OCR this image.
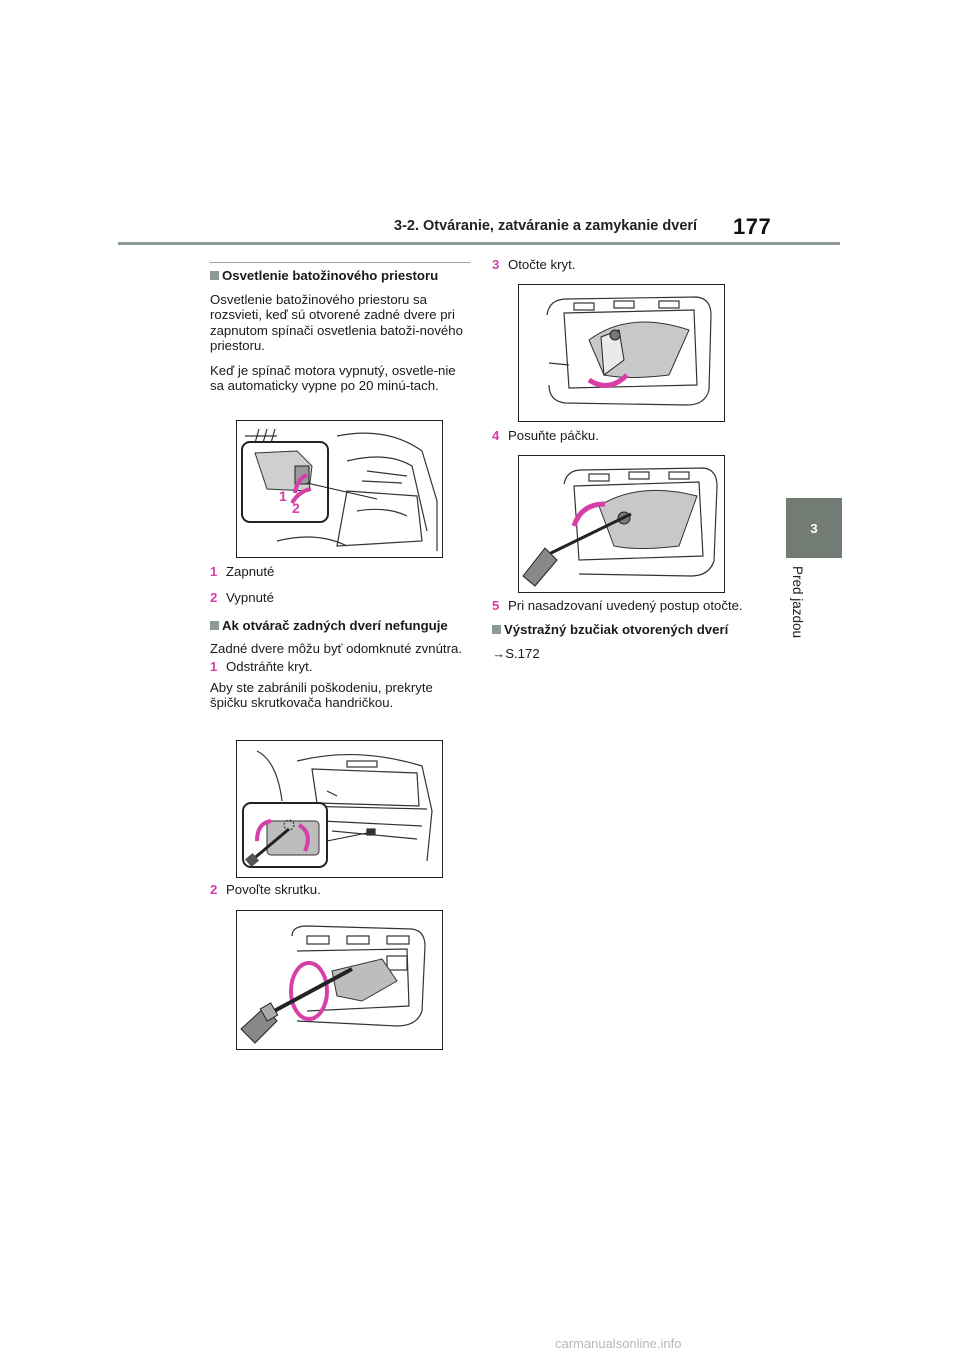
3-2. Otváranie, zatváranie a zamykanie dverí 177
3
Pred jazdou
Osvetlenie batožinového priestoru

Osvetlenie batožinového priestoru sa rozsvieti, keď sú otvorené zadné dvere pri zapnutom spínači osvetlenia batoži-nového priestoru.

Keď je spínač motora vypnutý, osvetle-nie sa automaticky vypne po 20 minú-tach.

1
2
1 Zapnuté
2 Vypnuté
Ak otvárač zadných dverí nefunguje

Zadné dvere môžu byť odomknuté zvnútra.

1 Odstráňte kryt.

Aby ste zabránili poškodeniu, prekryte špičku skrutkovača handričkou.

2 Povoľte skrutku.
3 Otočte kryt.
4 Posuňte páčku.
5 Pri nasadzovaní uvedený postup otočte.
Výstražný bzučiak otvorených dverí

→S.172

carmanualsonline.info
